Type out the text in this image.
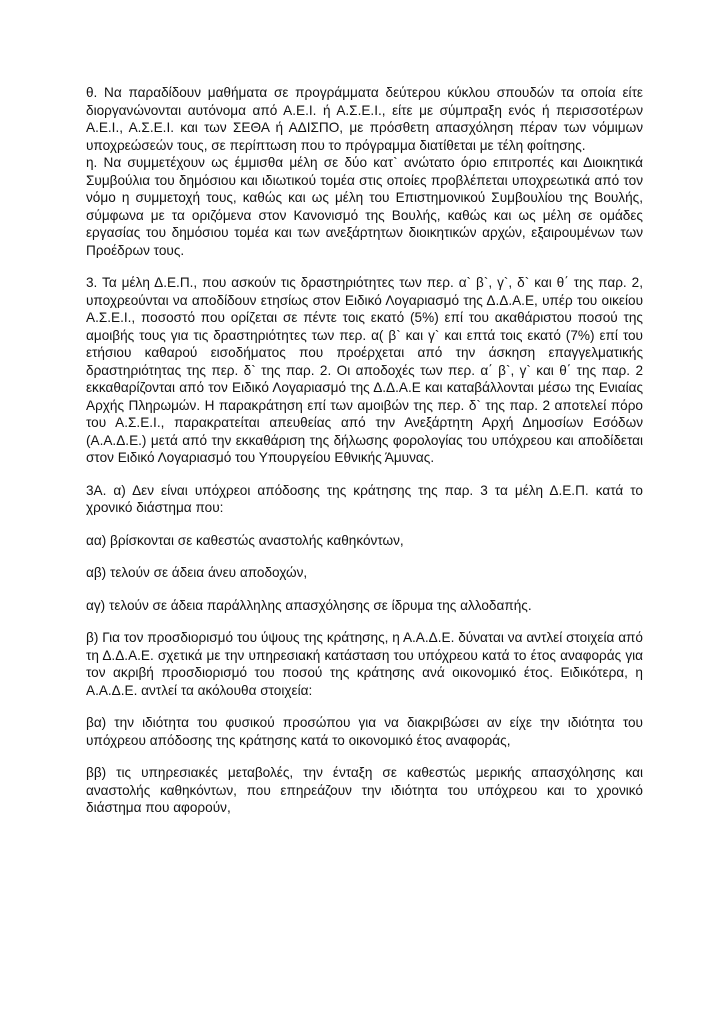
θ. Να παραδίδουν μαθήματα σε προγράμματα δεύτερου κύκλου σπουδών τα οποία είτε διοργανώνονται αυτόνομα από Α.Ε.Ι. ή Α.Σ.Ε.Ι., είτε με σύμπραξη ενός ή περισσοτέρων Α.Ε.Ι., Α.Σ.Ε.Ι. και των ΣΕΘΑ ή ΑΔΙΣΠΟ, με πρόσθετη απασχόληση πέραν των νόμιμων υποχρεώσεών τους, σε περίπτωση που το πρόγραμμα διατίθεται με τέλη φοίτησης.

η. Να συμμετέχουν ως έμμισθα μέλη σε δύο κατ` ανώτατο όριο επιτροπές και Διοικητικά Συμβούλια του δημόσιου και ιδιωτικού τομέα στις οποίες προβλέπεται υποχρεωτικά από τον νόμο η συμμετοχή τους, καθώς και ως μέλη του Επιστημονικού Συμβουλίου της Βουλής, σύμφωνα με τα οριζόμενα στον Κανονισμό της Βουλής, καθώς και ως μέλη σε ομάδες εργασίας του δημόσιου τομέα και των ανεξάρτητων διοικητικών αρχών, εξαιρουμένων των Προέδρων τους.

3. Τα μέλη Δ.Ε.Π., που ασκούν τις δραστηριότητες των περ. α` β`, γ`, δ` και θ΄ της παρ. 2, υποχρεούνται να αποδίδουν ετησίως στον Ειδικό Λογαριασμό της Δ.Δ.Α.Ε, υπέρ του οικείου Α.Σ.Ε.Ι., ποσοστό που ορίζεται σε πέντε τοις εκατό (5%) επί του ακαθάριστου ποσού της αμοιβής τους για τις δραστηριότητες των περ. α( β` και γ` και επτά τοις εκατό (7%) επί του ετήσιου καθαρού εισοδήματος που προέρχεται από την άσκηση επαγγελματικής δραστηριότητας της περ. δ` της παρ. 2. Οι αποδοχές των περ. α΄ β`, γ` και θ΄ της παρ. 2 εκκαθαρίζονται από τον Ειδικό Λογαριασμό της Δ.Δ.Α.Ε και καταβάλλονται μέσω της Ενιαίας Αρχής Πληρωμών. Η παρακράτηση επί των αμοιβών της περ. δ` της παρ. 2 αποτελεί πόρο του Α.Σ.Ε.Ι., παρακρατείται απευθείας από την Ανεξάρτητη Αρχή Δημοσίων Εσόδων (Α.Α.Δ.Ε.) μετά από την εκκαθάριση της δήλωσης φορολογίας του υπόχρεου και αποδίδεται στον Ειδικό Λογαριασμό του Υπουργείου Εθνικής Άμυνας.

3Α. α) Δεν είναι υπόχρεοι απόδοσης της κράτησης της παρ. 3 τα μέλη Δ.Ε.Π. κατά το χρονικό διάστημα που:

αα) βρίσκονται σε καθεστώς αναστολής καθηκόντων,

αβ) τελούν σε άδεια άνευ αποδοχών,

αγ) τελούν σε άδεια παράλληλης απασχόλησης σε ίδρυμα της αλλοδαπής.

β) Για τον προσδιορισμό του ύψους της κράτησης, η Α.Α.Δ.Ε. δύναται να αντλεί στοιχεία από τη Δ.Δ.Α.Ε. σχετικά με την υπηρεσιακή κατάσταση του υπόχρεου κατά το έτος αναφοράς για τον ακριβή προσδιορισμό του ποσού της κράτησης ανά οικονομικό έτος. Ειδικότερα, η Α.Α.Δ.Ε. αντλεί τα ακόλουθα στοιχεία:

βα) την ιδιότητα του φυσικού προσώπου για να διακριβώσει αν είχε την ιδιότητα του υπόχρεου απόδοσης της κράτησης κατά το οικονομικό έτος αναφοράς,

ββ) τις υπηρεσιακές μεταβολές, την ένταξη σε καθεστώς μερικής απασχόλησης και αναστολής καθηκόντων, που επηρεάζουν την ιδιότητα του υπόχρεου και το χρονικό διάστημα που αφορούν,
